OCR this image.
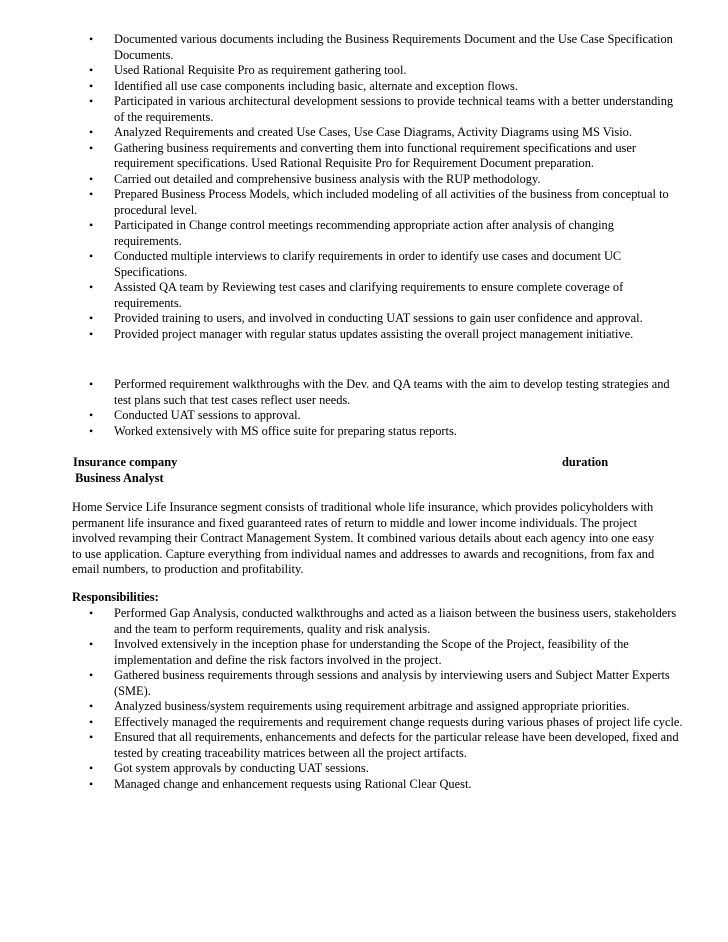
• Documented various documents including the Business Requirements Document and the Use Case Specification Documents.
• Used Rational Requisite Pro as requirement gathering tool.
• Identified all use case components including basic, alternate and exception flows.
• Participated in various architectural development sessions to provide technical teams with a better understanding of the requirements.
• Analyzed Requirements and created Use Cases, Use Case Diagrams, Activity Diagrams using MS Visio.
• Gathering business requirements and converting them into functional requirement specifications and user requirement specifications. Used Rational Requisite Pro for Requirement Document preparation.
• Carried out detailed and comprehensive business analysis with the RUP methodology.
• Prepared Business Process Models, which included modeling of all activities of the business from conceptual to procedural level.
• Participated in Change control meetings recommending appropriate action after analysis of changing requirements.
• Conducted multiple interviews to clarify requirements in order to identify use cases and document UC Specifications.
• Assisted QA team by Reviewing test cases and clarifying requirements to ensure complete coverage of requirements.
• Provided training to users, and involved in conducting UAT sessions to gain user confidence and approval.
• Provided project manager with regular status updates assisting the overall project management initiative.
• Performed requirement walkthroughs with the Dev. and QA teams with the aim to develop testing strategies and test plans such that test cases reflect user needs.
• Conducted UAT sessions to approval.
• Worked extensively with MS office suite for preparing status reports.
Insurance company	duration
Business Analyst
Home Service Life Insurance segment consists of traditional whole life insurance, which provides policyholders with permanent life insurance and fixed guaranteed rates of return to middle and lower income individuals. The project involved revamping their Contract Management System. It combined various details about each agency into one easy to use application. Capture everything from individual names and addresses to awards and recognitions, from fax and email numbers, to production and profitability.
Responsibilities:
• Performed Gap Analysis, conducted walkthroughs and acted as a liaison between the business users, stakeholders and the team to perform requirements, quality and risk analysis.
• Involved extensively in the inception phase for understanding the Scope of the Project, feasibility of the implementation and define the risk factors involved in the project.
• Gathered business requirements through sessions and analysis by interviewing users and Subject Matter Experts (SME).
• Analyzed business/system requirements using requirement arbitrage and assigned appropriate priorities.
• Effectively managed the requirements and requirement change requests during various phases of project life cycle.
• Ensured that all requirements, enhancements and defects for the particular release have been developed, fixed and tested by creating traceability matrices between all the project artifacts.
• Got system approvals by conducting UAT sessions.
• Managed change and enhancement requests using Rational Clear Quest.
